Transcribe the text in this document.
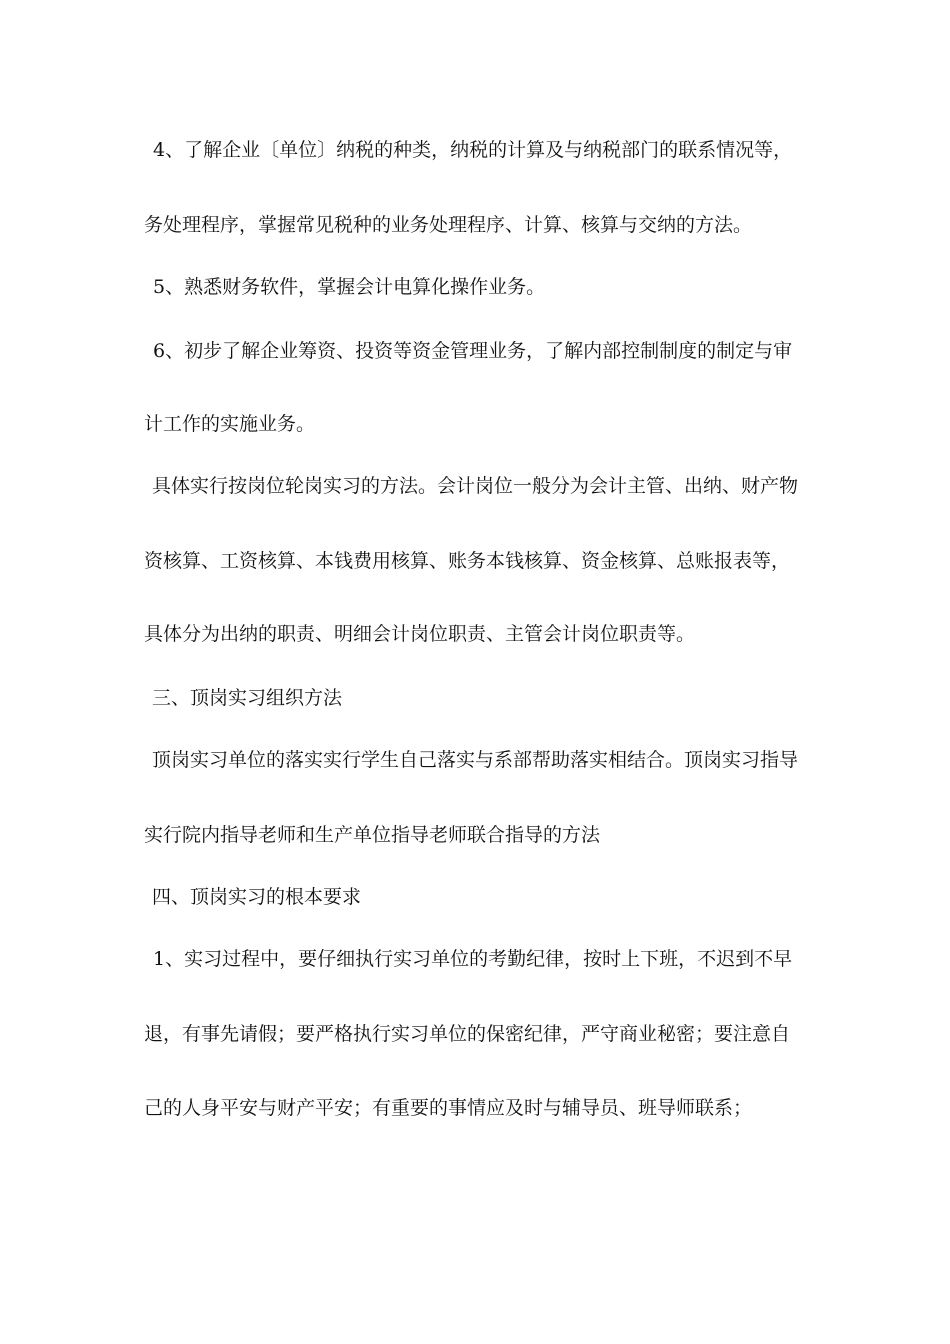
4、了解企业〔单位〕纳税的种类，纳税的计算及与纳税部门的联系情况等，
务处理程序，掌握常见税种的业务处理程序、计算、核算与交纳的方法。
5、熟悉财务软件，掌握会计电算化操作业务。
6、初步了解企业筹资、投资等资金管理业务，了解内部控制制度的制定与审
计工作的实施业务。
具体实行按岗位轮岗实习的方法。会计岗位一般分为会计主管、出纳、财产物
资核算、工资核算、本钱费用核算、账务本钱核算、资金核算、总账报表等，
具体分为出纳的职责、明细会计岗位职责、主管会计岗位职责等。
三、顶岗实习组织方法
顶岗实习单位的落实实行学生自己落实与系部帮助落实相结合。顶岗实习指导
实行院内指导老师和生产单位指导老师联合指导的方法
四、顶岗实习的根本要求
1、实习过程中，要仔细执行实习单位的考勤纪律，按时上下班，不迟到不早
退，有事先请假；要严格执行实习单位的保密纪律，严守商业秘密；要注意自
己的人身平安与财产平安；有重要的事情应及时与辅导员、班导师联系；
